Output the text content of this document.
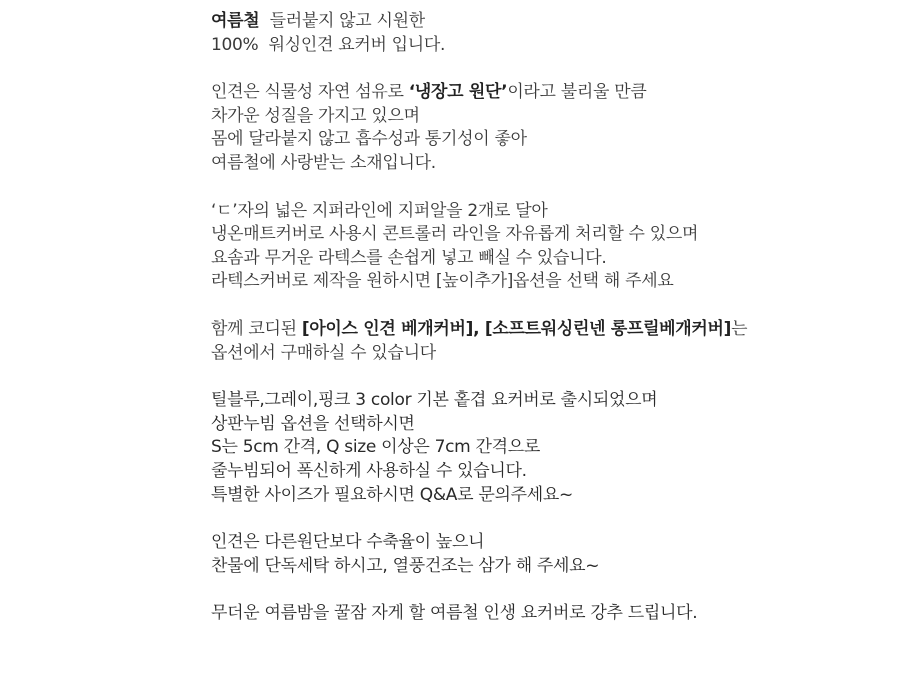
여름철  들러붙지 않고 시원한
100%  워싱인견 요커버 입니다.
인견은 식물성 자연 섬유로 ‘냉장고 원단’이라고 불리울 만큼
차가운 성질을 가지고 있으며
몸에 달라붙지 않고 흡수성과 통기성이 좋아
여름철에 사랑받는 소재입니다.
‘ㄷ’자의 넓은 지퍼라인에 지퍼알을 2개로 달아
냉온매트커버로 사용시 콘트롤러 라인을 자유롭게 처리할 수 있으며
요솜과 무거운 라텍스를 손쉽게 넣고 빼실 수 있습니다.
라텍스커버로 제작을 원하시면 [높이추가]옵션을 선택 해 주세요
함께 코디된 [아이스 인견 베개커버], [소프트워싱린넨 롱프릴베개커버]는
옵션에서 구매하실 수 있습니다
틸블루,그레이,핑크 3 color 기본 홑겹 요커버로 출시되었으며
상판누빔 옵션을 선택하시면
S는 5cm 간격, Q size 이상은 7cm 간격으로
줄누빔되어 폭신하게 사용하실 수 있습니다.
특별한 사이즈가 필요하시면 Q&A로 문의주세요~
인견은 다른원단보다 수축율이 높으니
찬물에 단독세탁 하시고, 열풍건조는 삼가 해 주세요~
무더운 여름밤을 꿀잠 자게 할 여름철 인생 요커버로 강추 드립니다.
